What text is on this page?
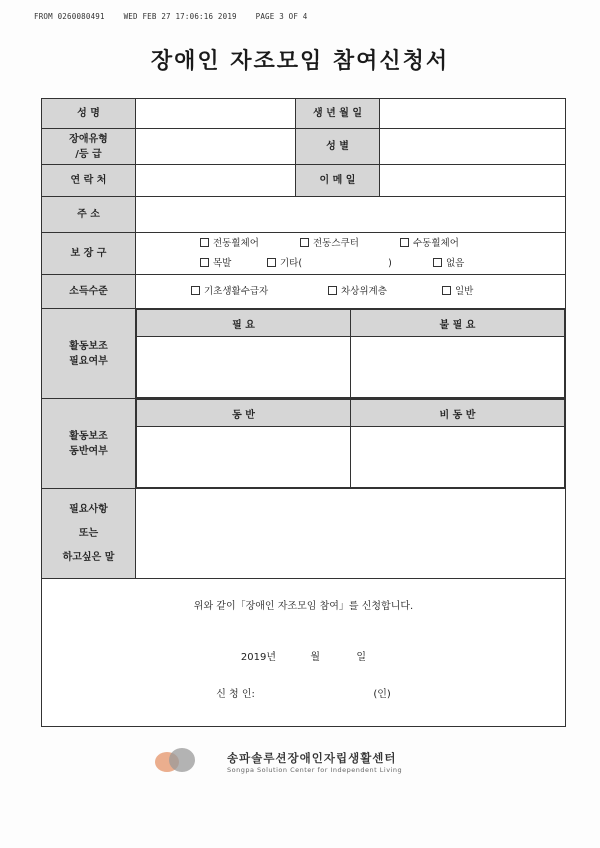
FROM 0260080491    WED FEB 27 17:06:16 2019    PAGE 3 OF 4
장애인 자조모임 참여신청서
성 명		생 년 월 일	

장애유형
/등 급
		성 별	
연 락 처		이 메 일	
주 소	
보 장 구	
전동휠체어	전동스쿠터	수동휠체어
목발	기타(	)	없음

소득수준	기초생활수급자	차상위계층	일반

활동보조
필요여부

필 요	불 필 요

활동보조
동반여부

동 반	비 동 반

필요사항
또는
하고싶은 말

위와 같이「장애인 자조모임 참여」를 신청합니다.
2019년	월	일
신 청 인:	(인)
송파솔루션장애인자립생활센터
Songpa Solution Center for Independent Living
